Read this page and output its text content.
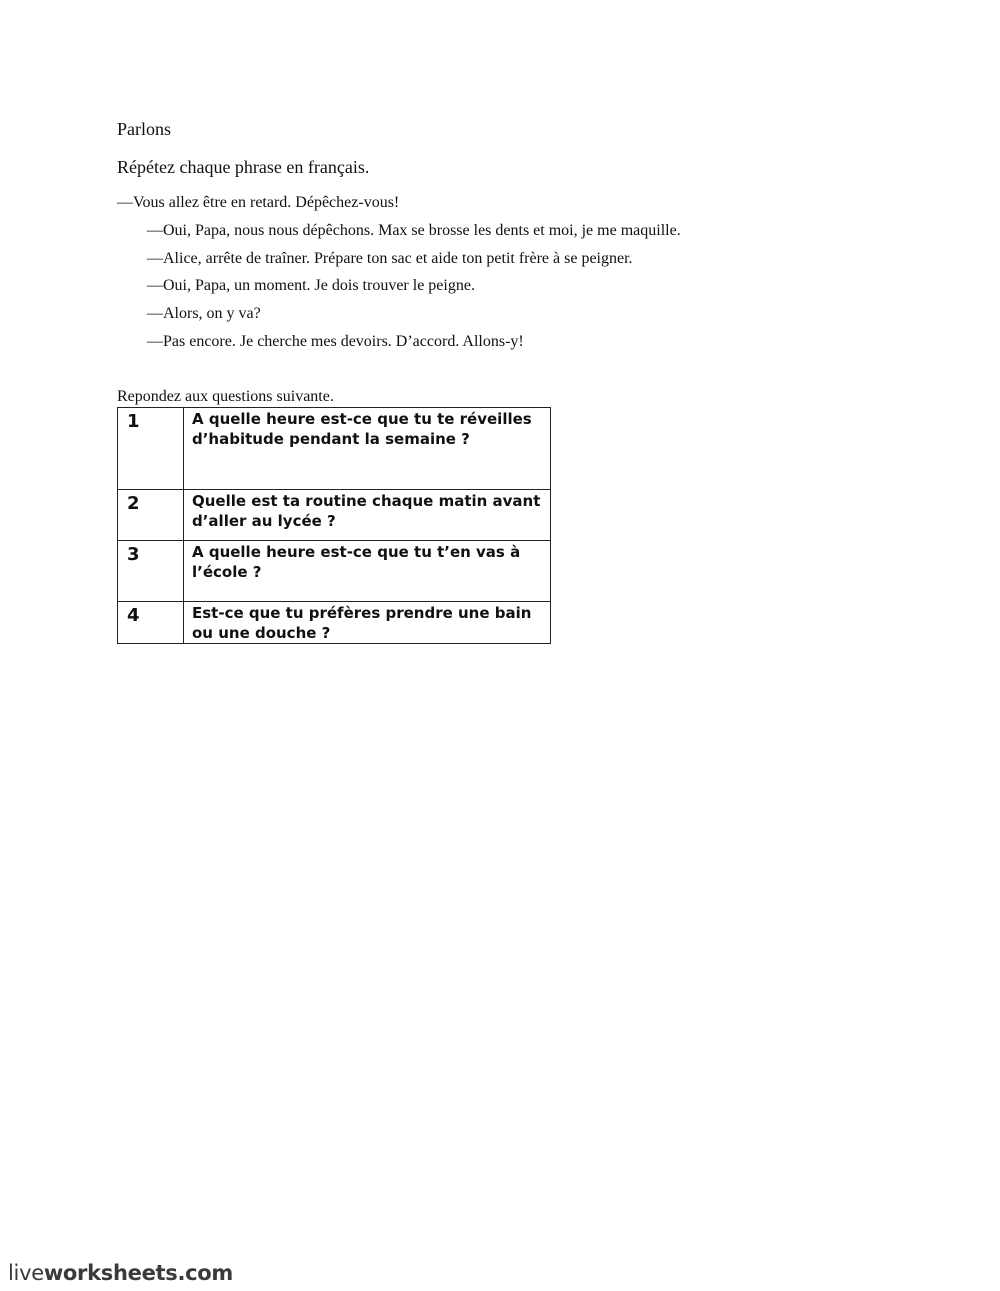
Parlons
Répétez chaque phrase en français.
—Vous allez être en retard. Dépêchez-vous!
—Oui, Papa, nous nous dépêchons. Max se brosse les dents et moi, je me maquille.
—Alice, arrête de traîner. Prépare ton sac et aide ton petit frère à se peigner.
—Oui, Papa, un moment. Je dois trouver le peigne.
—Alors, on y va?
—Pas encore. Je cherche mes devoirs. D’accord. Allons-y!
Repondez aux questions suivante.
1	A quelle heure est-ce que tu te réveilles d’habitude pendant la semaine ?
2	Quelle est ta routine chaque matin avant d’aller au lycée ?
3	A quelle heure est-ce que tu t’en vas à l’école ?
4	Est-ce que tu préfères prendre une bain ou une douche ?
liveworksheets.com
